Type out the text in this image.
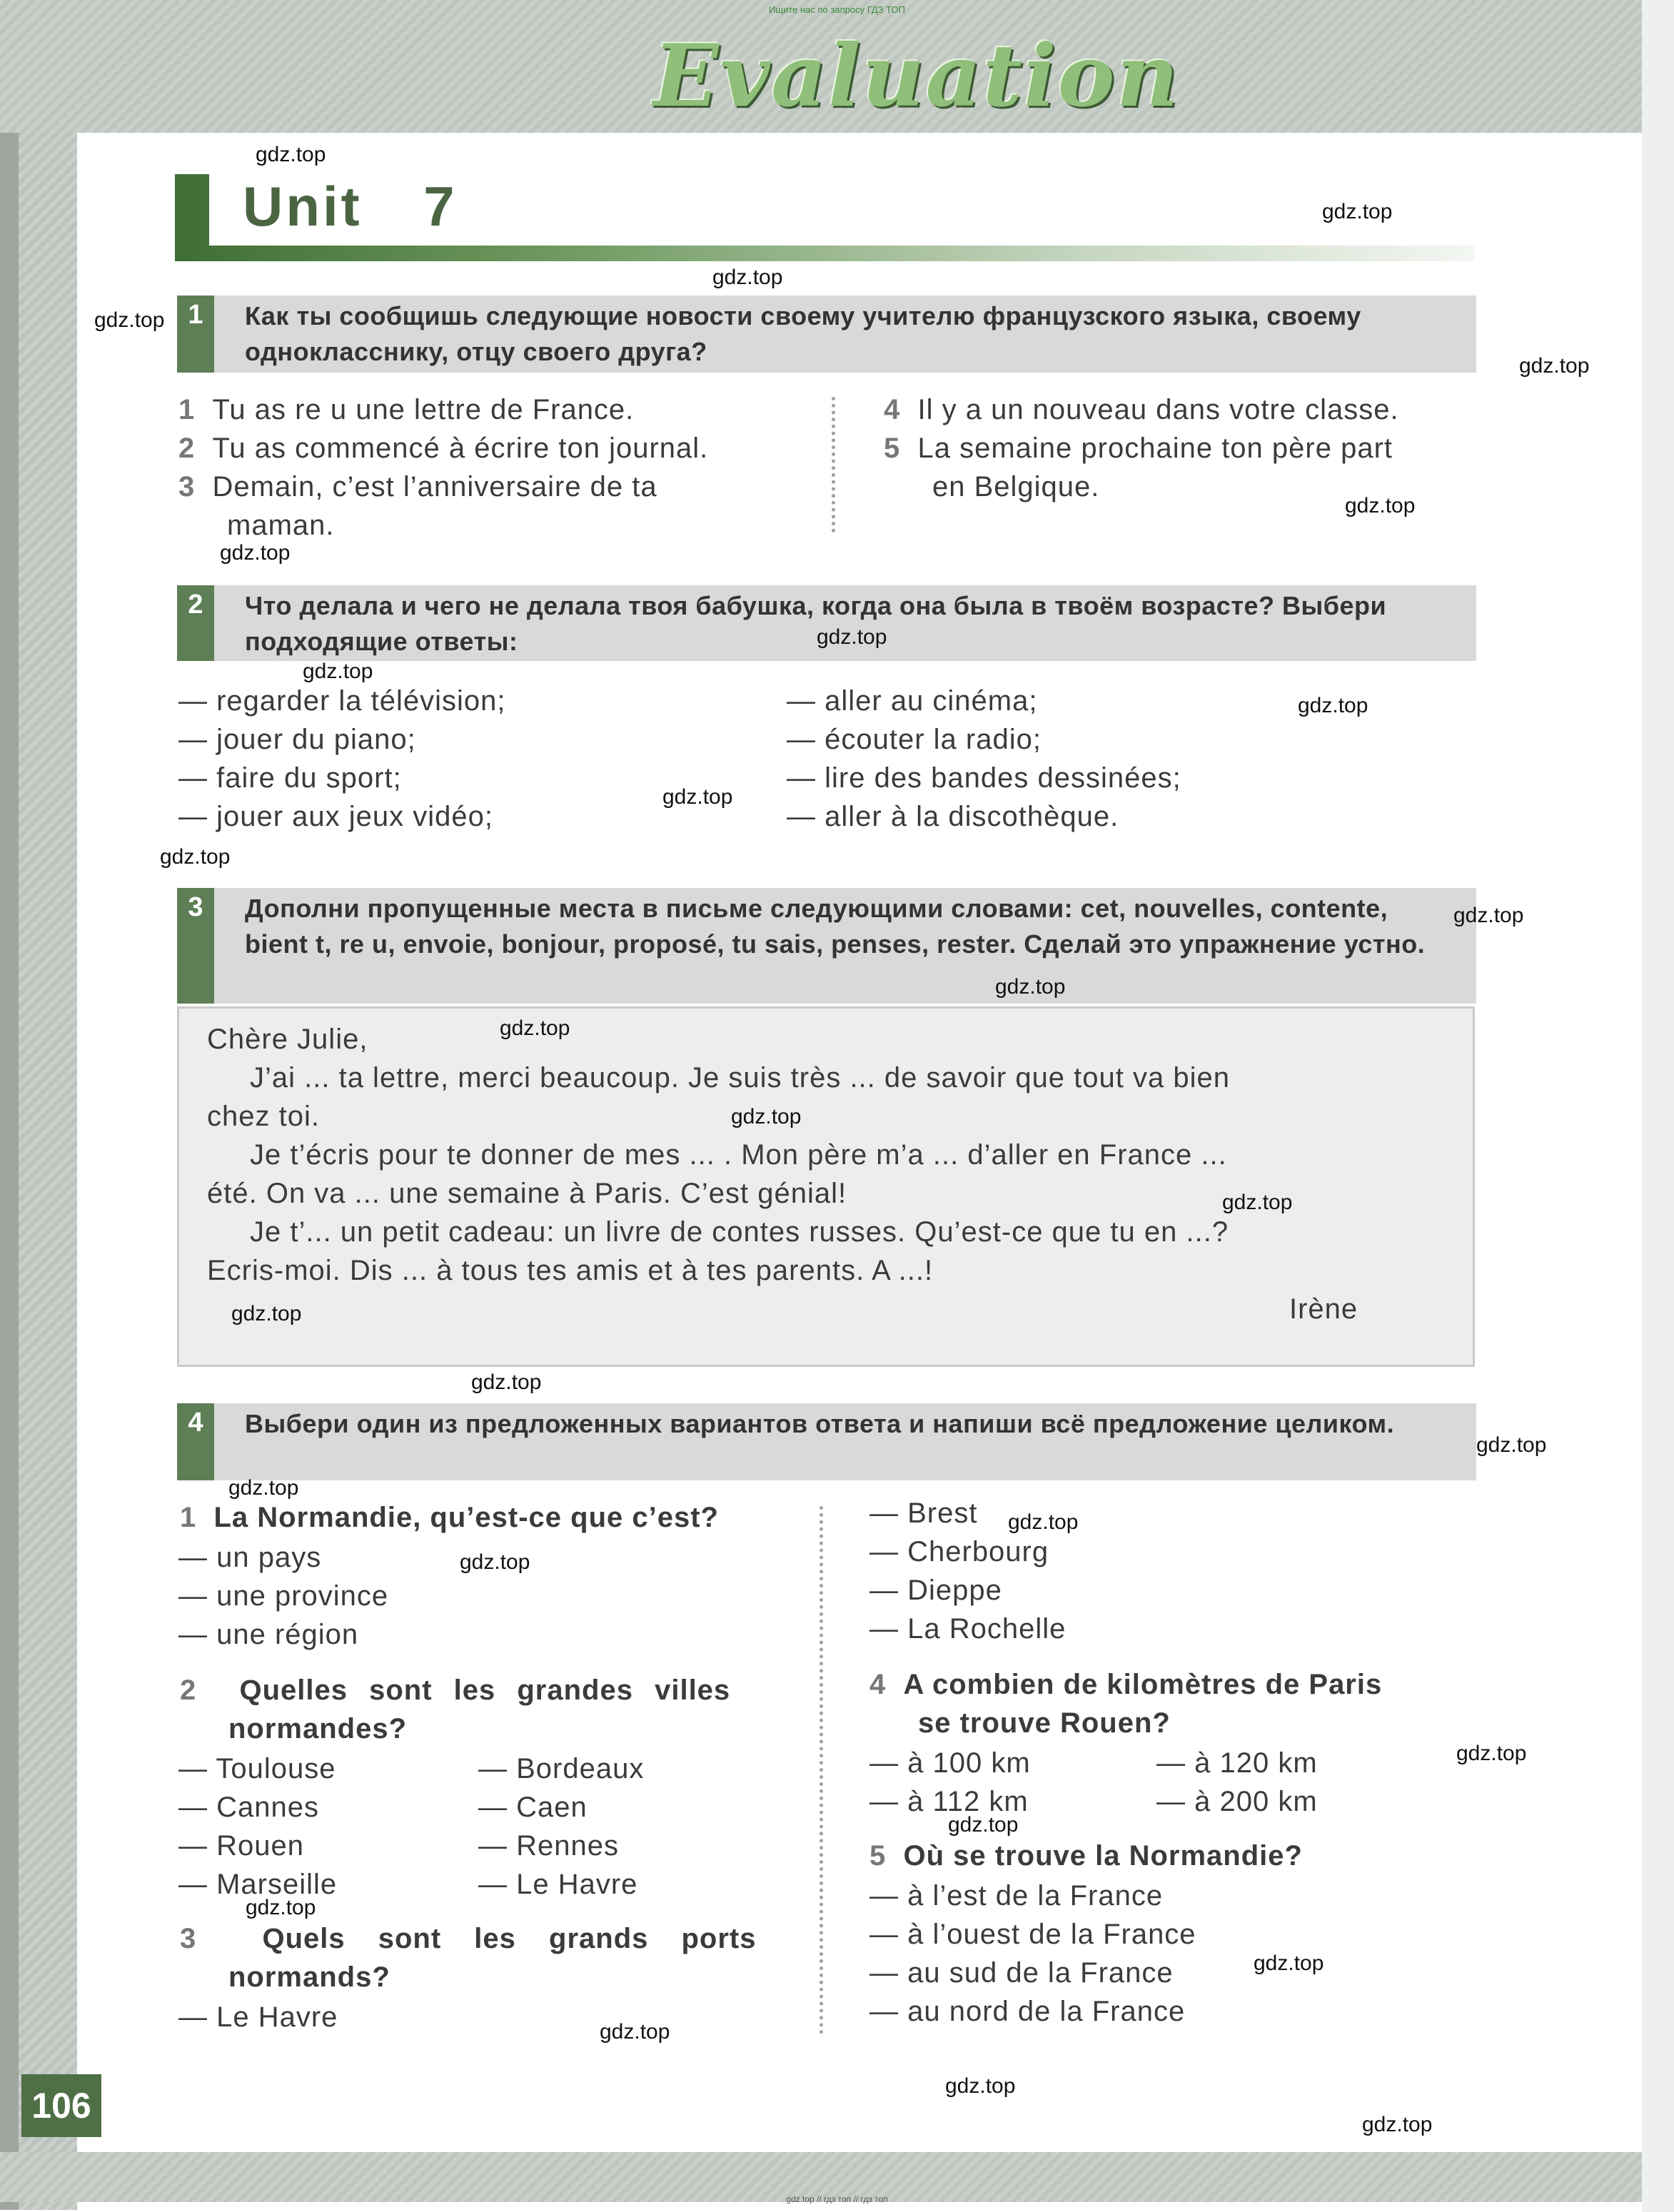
Ищите нас по запросу ГДЗ ТОП
gdz.top // гдз топ // гдз топ
Evaluation
Unit 7
1	Как ты сообщишь следующие новости своему учителю французского языка, своему однокласснику, отцу своего друга?
1 Tu as re u une lettre de France.
2 Tu as commencé à écrire ton journal.
3 Demain, c’est l’anniversaire de ta
maman.
4 Il y a un nouveau dans votre classe.
5 La semaine prochaine ton père part
en Belgique.
2	Что делала и чего не делала твоя бабушка, когда она была в твоём возрасте? Выбери подходящие ответы:
— regarder la télévision;
— jouer du piano;
— faire du sport;
— jouer aux jeux vidéo;
— aller au cinéma;
— écouter la radio;
— lire des bandes dessinées;
— aller à la discothèque.
3	Дополни пропущенные места в письме следующими словами: cet, nouvelles, contente, bient t, re u, envoie, bonjour, proposé, tu sais, penses, rester. Сделай это упражнение устно.
Chère Julie,
J’ai ... ta lettre, merci beaucoup. Je suis très ... de savoir que tout va bien
chez toi.
Je t’écris pour te donner de mes ... . Mon père m’a ... d’aller en France ...
été. On va ... une semaine à Paris. C’est génial!
Je t’... un petit cadeau: un livre de contes russes. Qu’est-ce que tu en ...?
Ecris-moi. Dis ... à tous tes amis et à tes parents. A ...!
Irène
4	Выбери один из предложенных вариантов ответа и напиши всё предложение целиком.
1 La Normandie, qu’est-ce que c’est?
— un pays
— une province
— une région
2 Quelles sont les grandes villes
normandes?
— Toulouse
— Cannes
— Rouen
— Marseille
— Bordeaux
— Caen
— Rennes
— Le Havre
3 Quels sont les grands ports
normands?
— Le Havre
— Brest
— Cherbourg
— Dieppe
— La Rochelle
4 A combien de kilomètres de Paris
se trouve Rouen?
— à 100 km	— à 120 km
— à 112 km	— à 200 km
5 Où se trouve la Normandie?
— à l’est de la France
— à l’ouest de la France
— au sud de la France
— au nord de la France
106
gdz.top
gdz.top
gdz.top
gdz.top
gdz.top
gdz.top
gdz.top
gdz.top
gdz.top
gdz.top
gdz.top
gdz.top
gdz.top
gdz.top
gdz.top
gdz.top
gdz.top
gdz.top
gdz.top
gdz.top
gdz.top
gdz.top
gdz.top
gdz.top
gdz.top
gdz.top
gdz.top
gdz.top
gdz.top
gdz.top
